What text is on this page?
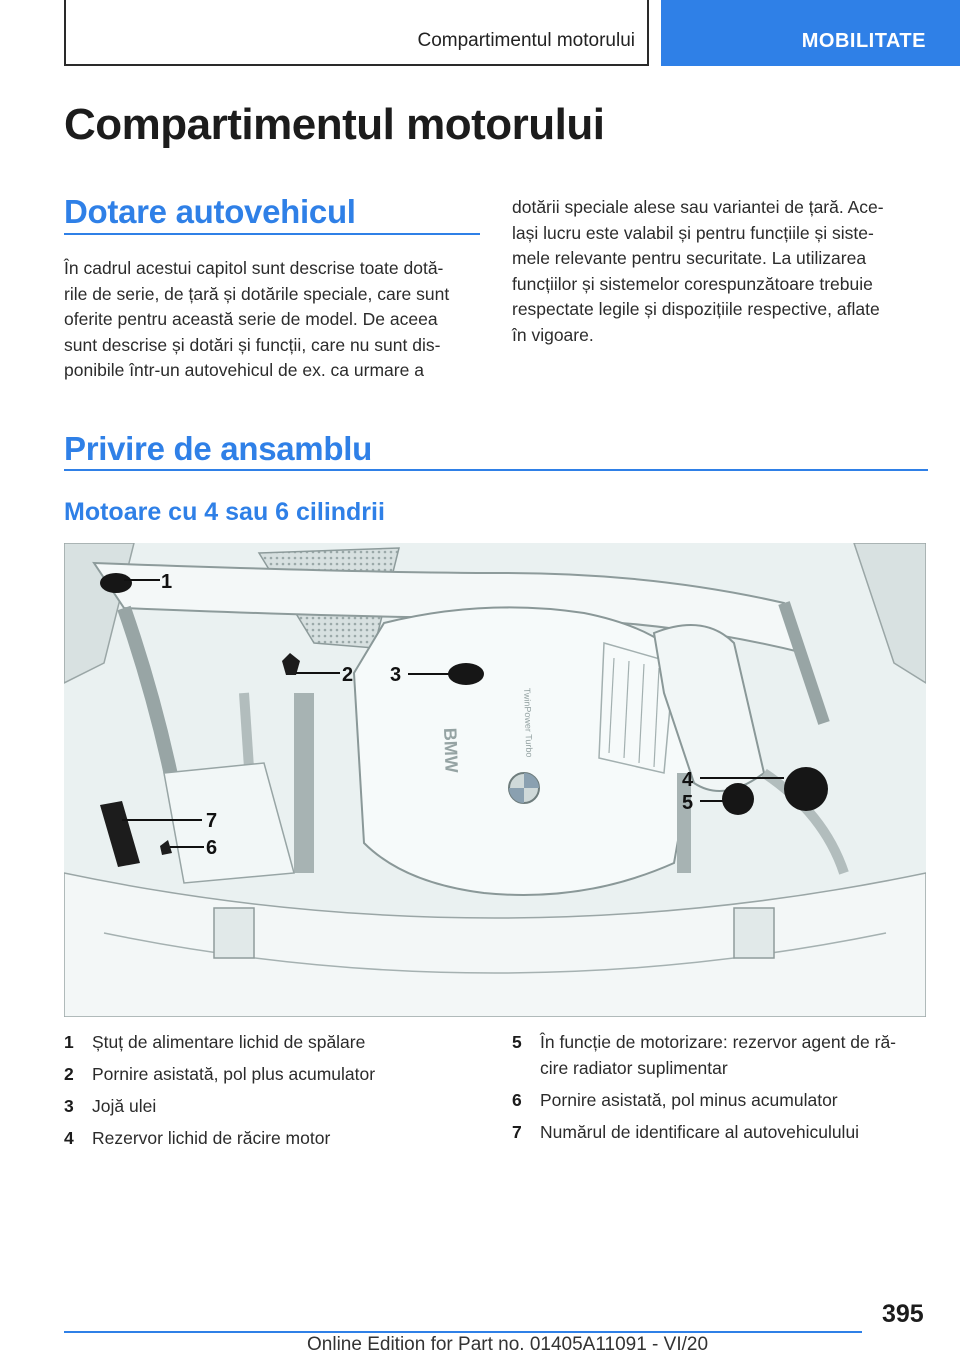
Compartimentul motorului	MOBILITATE
Compartimentul motorului
Dotare autovehicul
În cadrul acestui capitol sunt descrise toate dotă‐
rile de serie, de țară și dotările speciale, care sunt
oferite pentru această serie de model. De aceea
sunt descrise și dotări și funcții, care nu sunt dis‐
ponibile într-un autovehicul de ex. ca urmare a
dotării speciale alese sau variantei de țară. Ace‐
lași lucru este valabil și pentru funcțiile și siste‐
mele relevante pentru securitate. La utilizarea
funcțiilor și sistemelor corespunzătoare trebuie
respectate legile și dispozițiile respective, aflate
în vigoare.
Privire de ansamblu
Motoare cu 4 sau 6 cilindrii
BMW	TwinPower Turbo
1
2 3
4
5
7
6
1 Ștuț de alimentare lichid de spălare
2 Pornire asistată, pol plus acumulator
3 Jojă ulei
4 Rezervor lichid de răcire motor
5 În funcție de motorizare: rezervor agent de ră‐
cire radiator suplimentar
6 Pornire asistată, pol minus acumulator
7 Numărul de identificare al autovehiculului
395
Online Edition for Part no. 01405A11091 - VI/20
